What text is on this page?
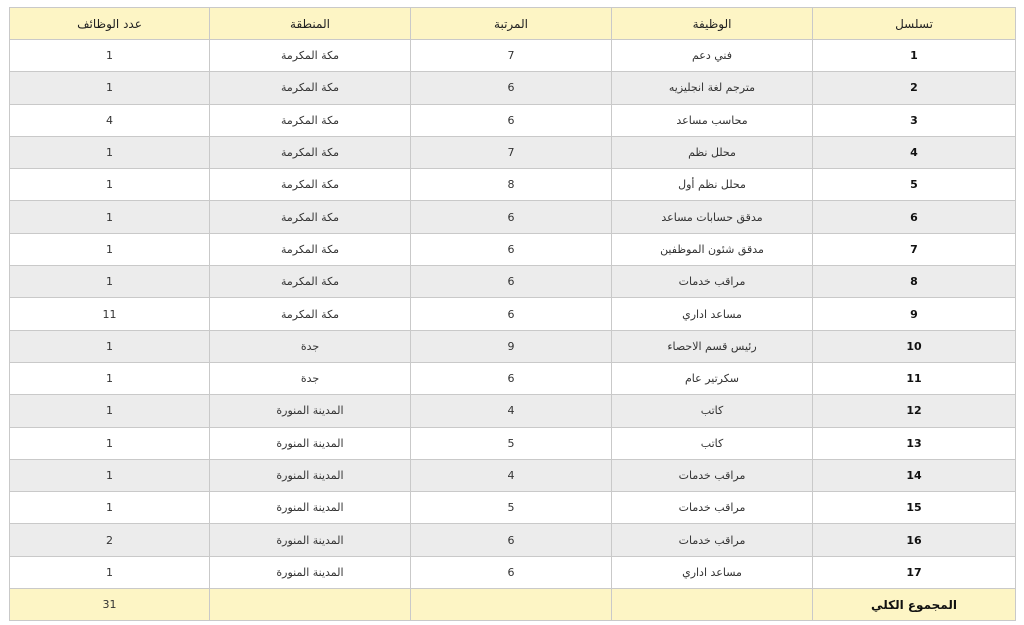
تسلسل	الوظيفة	المرتبة	المنطقة	عدد الوظائف
1	فني دعم	7	مكة المكرمة	1
2	مترجم لغة انجليزيه	6	مكة المكرمة	1
3	محاسب مساعد	6	مكة المكرمة	4
4	محلل نظم	7	مكة المكرمة	1
5	محلل نظم أول	8	مكة المكرمة	1
6	مدقق حسابات مساعد	6	مكة المكرمة	1
7	مدقق شئون الموظفين	6	مكة المكرمة	1
8	مراقب خدمات	6	مكة المكرمة	1
9	مساعد اداري	6	مكة المكرمة	11
10	رئيس قسم الاحصاء	9	جدة	1
11	سكرتير عام	6	جدة	1
12	كاتب	4	المدينة المنورة	1
13	كاتب	5	المدينة المنورة	1
14	مراقب خدمات	4	المدينة المنورة	1
15	مراقب خدمات	5	المدينة المنورة	1
16	مراقب خدمات	6	المدينة المنورة	2
17	مساعد اداري	6	المدينة المنورة	1
المجموع الكلي				31
